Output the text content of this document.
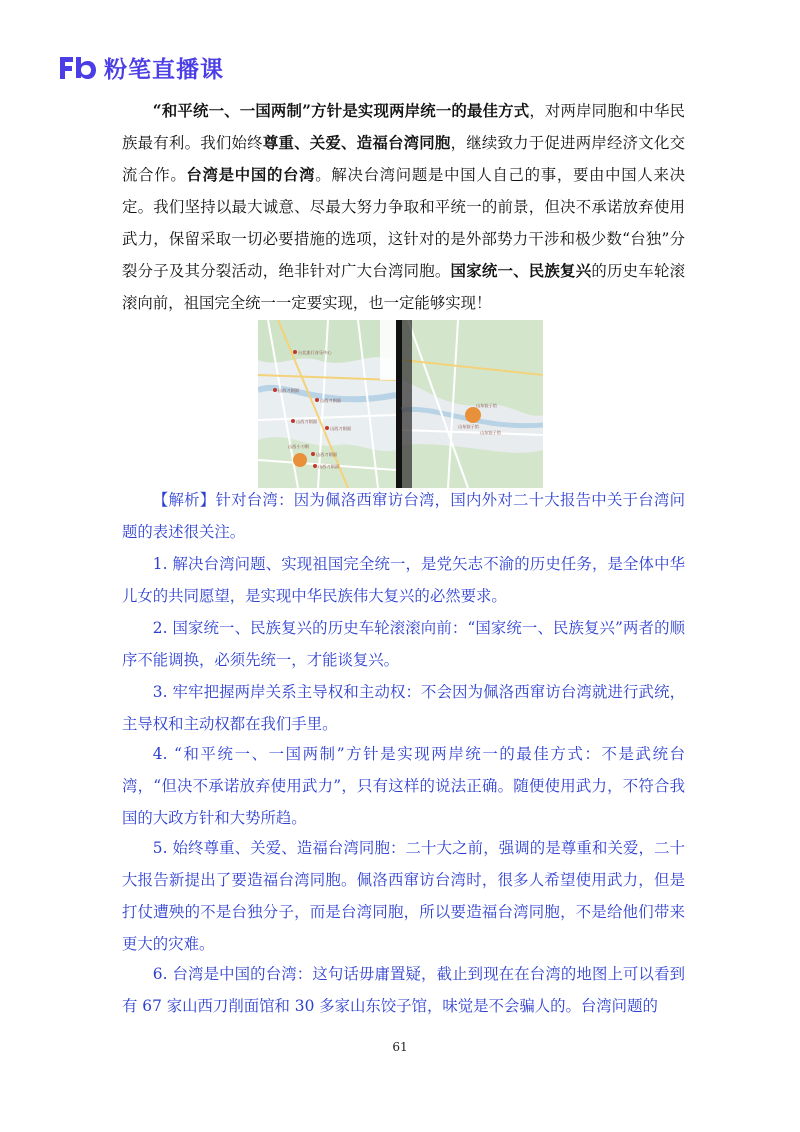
粉笔直播课
“和平统一、一国两制”方针是实现两岸统一的最佳方式，对两岸同胞和中华民族最有利。我们始终尊重、关爱、造福台湾同胞，继续致力于促进两岸经济文化交流合作。台湾是中国的台湾。解决台湾问题是中国人自己的事，要由中国人来决定。我们坚持以最大诚意、尽最大努力争取和平统一的前景，但决不承诺放弃使用武力，保留采取一切必要措施的选项，这针对的是外部势力干涉和极少数“台独”分裂分子及其分裂活动，绝非针对广大台湾同胞。国家统一、民族复兴的历史车轮滚滚向前，祖国完全统一一定要实现，也一定能够实现！
台北流行音乐中心
山西刀削面
山西刀削面
山西刀削面
山西刀削面
山西小刀削
山西刀削面
山西刀削面
山东饺子馆
山东饺子馆
山东饺子馆
【解析】针对台湾：因为佩洛西窜访台湾，国内外对二十大报告中关于台湾问题的表述很关注。
1. 解决台湾问题、实现祖国完全统一，是党矢志不渝的历史任务，是全体中华儿女的共同愿望，是实现中华民族伟大复兴的必然要求。
2. 国家统一、民族复兴的历史车轮滚滚向前：“国家统一、民族复兴”两者的顺序不能调换，必须先统一，才能谈复兴。
3. 牢牢把握两岸关系主导权和主动权：不会因为佩洛西窜访台湾就进行武统，主导权和主动权都在我们手里。
4. “和平统一、一国两制”方针是实现两岸统一的最佳方式：不是武统台湾，“但决不承诺放弃使用武力”，只有这样的说法正确。随便使用武力，不符合我国的大政方针和大势所趋。
5. 始终尊重、关爱、造福台湾同胞：二十大之前，强调的是尊重和关爱，二十大报告新提出了要造福台湾同胞。佩洛西窜访台湾时，很多人希望使用武力，但是打仗遭殃的不是台独分子，而是台湾同胞，所以要造福台湾同胞，不是给他们带来更大的灾难。
6. 台湾是中国的台湾：这句话毋庸置疑，截止到现在在台湾的地图上可以看到有 67 家山西刀削面馆和 30 多家山东饺子馆，味觉是不会骗人的。台湾问题的
61
